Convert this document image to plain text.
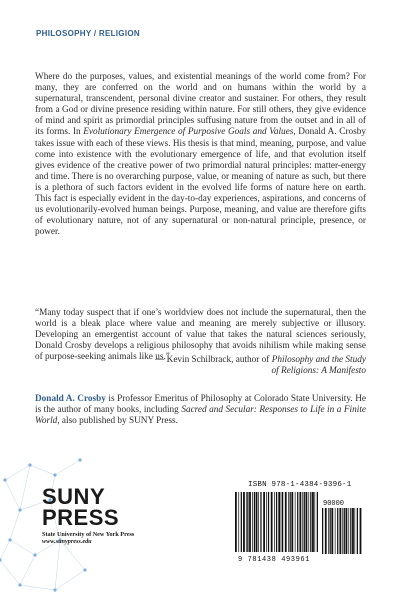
PHILOSOPHY / RELIGION

Where do the purposes, values, and existential meanings of the world come from? For many, they are conferred on the world and on humans within the world by a supernatural, transcendent, personal divine creator and sustainer. For others, they result from a God or divine presence residing within nature. For still others, they give evidence of mind and spirit as primordial principles suffusing nature from the outset and in all of its forms. In Evolutionary Emergence of Purposive Goals and Values, Donald A. Crosby takes issue with each of these views. His thesis is that mind, meaning, purpose, and value come into existence with the evolutionary emergence of life, and that evolution itself gives evidence of the creative power of two primordial natural principles: matter-energy and time. There is no overarching purpose, value, or meaning of nature as such, but there is a plethora of such factors evident in the evolved life forms of nature here on earth. This fact is especially evident in the day-to-day experiences, aspirations, and concerns of us evolutionarily-evolved human beings. Purpose, meaning, and value are therefore gifts of evolutionary nature, not of any supernatural or non-natural principle, presence, or power.

“Many today suspect that if one’s worldview does not include the supernatural, then the world is a bleak place where value and meaning are merely subjective or illusory. Developing an emergentist account of value that takes the natural sciences seriously, Donald Crosby develops a religious philosophy that avoids nihilism while making sense of purpose-seeking animals like us.”

— Kevin Schilbrack, author of Philosophy and the Study of Religions: A Manifesto

Donald A. Crosby is Professor Emeritus of Philosophy at Colorado State University. He is the author of many books, including Sacred and Secular: Responses to Life in a Finite World, also published by SUNY Press.

SUNY
PRESS
State University of New York Press
www.sunypress.edu
ISBN 978-1-4384-9396-1
90000
9 781438 493961
